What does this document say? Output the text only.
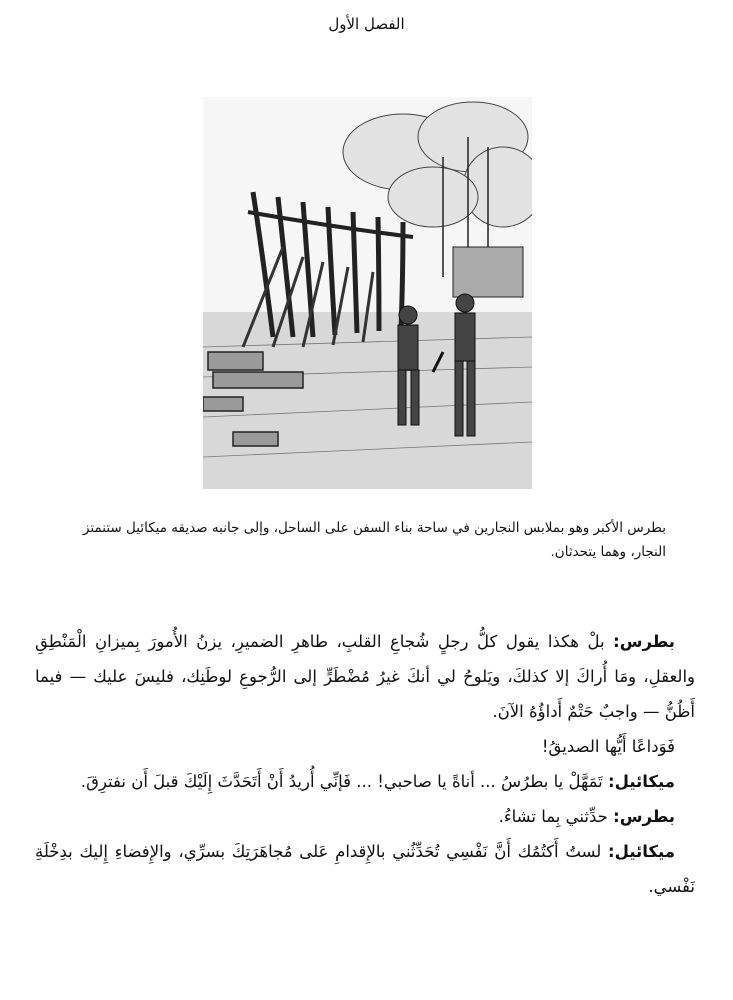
الفصل الأول
بطرس الأكبر وهو بملابس النجارين في ساحة بناء السفن على الساحل، وإلى جانبه صديقه ميكائيل ستنمتز النجار، وهما يتحدثان.

بطرس: بلْ هكذا يقول كلُّ رجلٍ شُجاعِ القلبِ، طاهرِ الضميرِ، يزنُ الأُمورَ بِميزانِ الْمَنْطِقِ والعقلِ، ومَا أُراكَ إلا كذلكَ، ويَلوحُ لي أنكَ غيرُ مُضْطَرٍّ إلى الرُّجوعِ لوطَنِك، فليسَ عليك — فيما أَظُنُّ — واجبٌ حَتْمٌ أَداؤُهُ الآنَ.

فَوَداعًا أَيُّها الصديقُ!

ميكائيل: تَمَهَّلْ يا بطرُسُ ... أناةً يا صاحبي! ... فَإنِّي أُريدُ أَنْ أَتَحَدَّثَ إِلَيْكَ قبلَ أَن نفترِقَ.

بطرس: حدِّثني بِما تشاءُ.

ميكائيل: لستُ أَكتُمُك أَنَّ نَفْسِي تُحَدِّثُني بالإِقدامِ عَلى مُجاهَرَتِكَ بسرِّي، والإِفضاءِ إِليك بدِخْلَةِ نَفْسي.
